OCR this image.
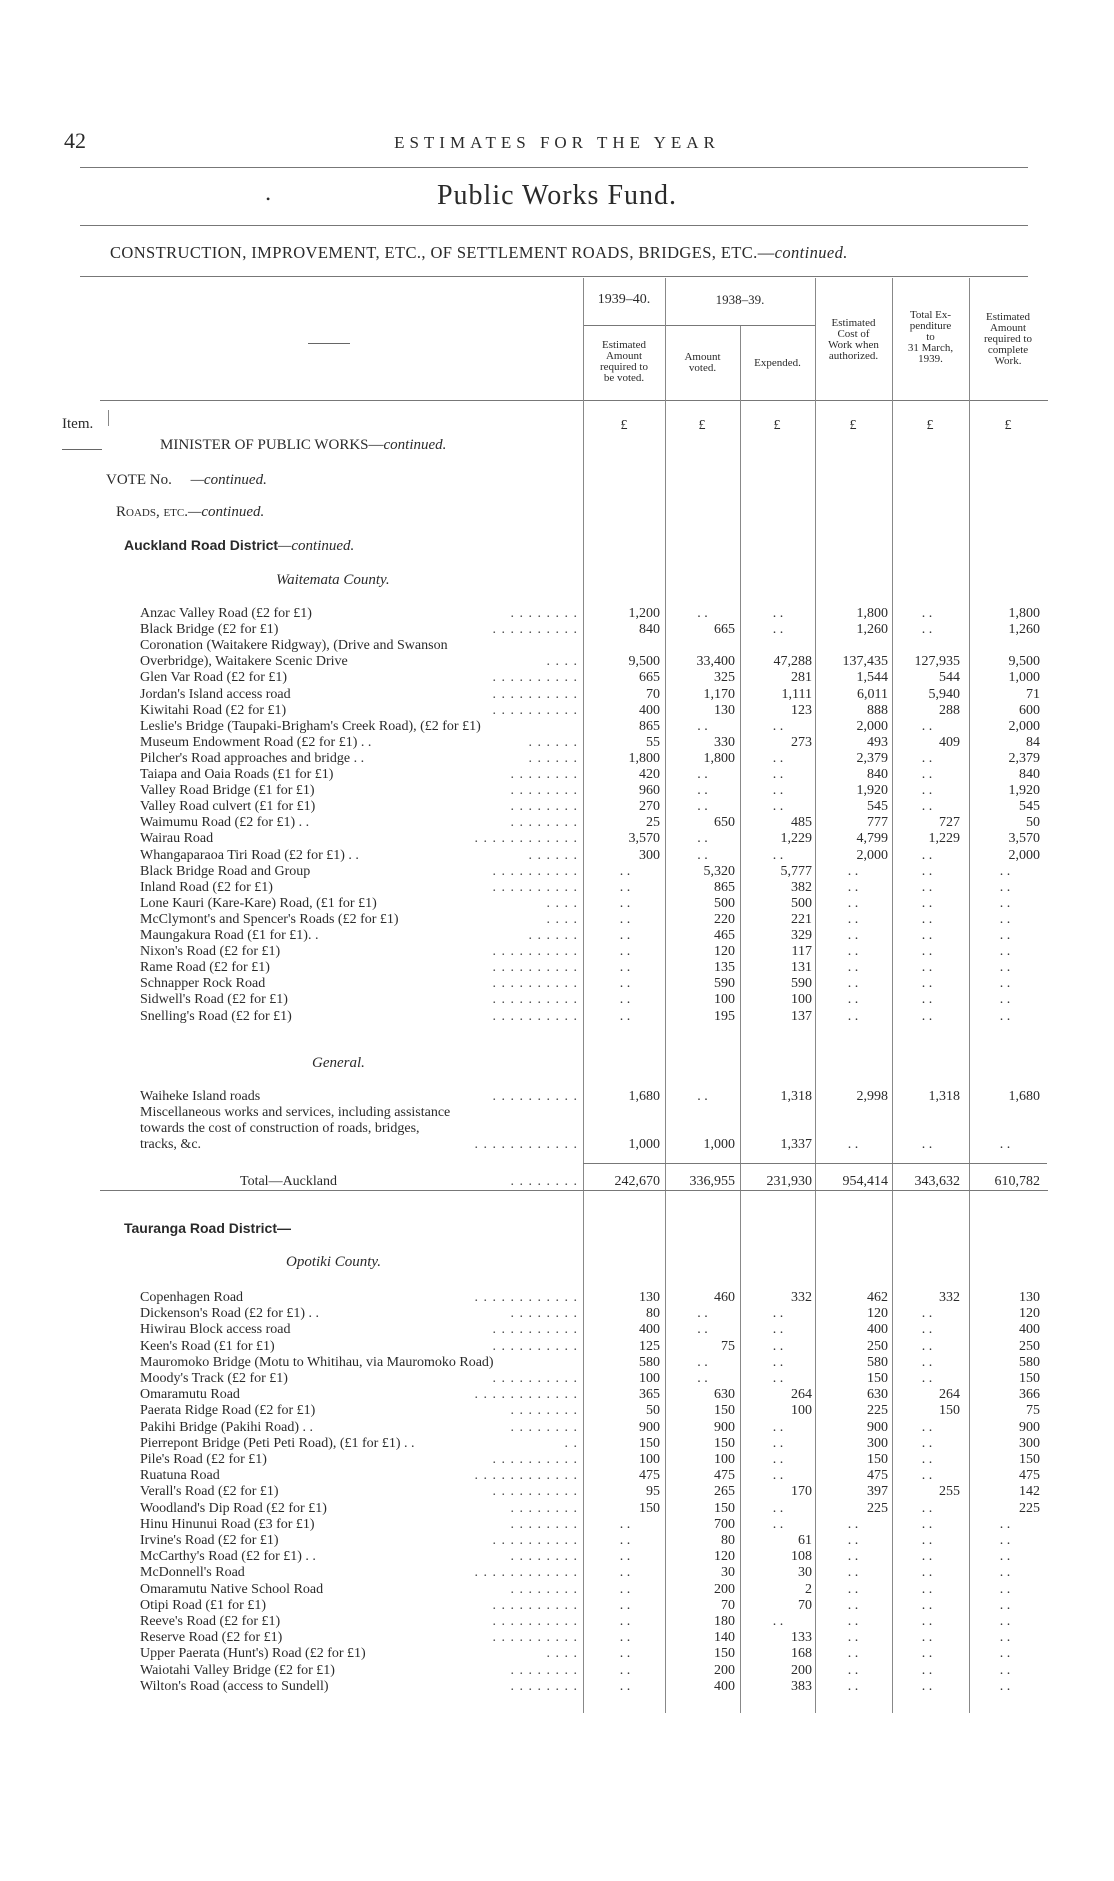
42	ESTIMATES FOR THE YEAR
•	Public Works Fund.
CONSTRUCTION, IMPROVEMENT, ETC., OF SETTLEMENT ROADS, BRIDGES, ETC.—continued.
1939–40.	1938–39.
Estimated
Amount
required to
be voted.
Amount
voted.	Expended.
Estimated
Cost of
Work when
authorized.
Total Ex-
penditure
to
31 March,
1939.
Estimated
Amount
required to
complete
Work.
Item.	£	£	£	£	£	£
MINISTER OF PUBLIC WORKS—continued.
VOTE No. —continued.
Roads, etc.—continued.
Auckland Road District—continued.
Waitemata County.
Anzac Valley Road (£2 for £1)	. . . . . . . .	1,200	. .	. .	1,800	. .	1,800
Black Bridge (£2 for £1)	. . . . . . . . . .	840	665	. .	1,260	. .	1,260
Coronation (Waitakere Ridgway), (Drive and Swanson
Overbridge), Waitakere Scenic Drive	. . . .	9,500	33,400	47,288	137,435	127,935	9,500
Glen Var Road (£2 for £1)	. . . . . . . . . .	665	325	281	1,544	544	1,000
Jordan's Island access road	. . . . . . . . . .	70	1,170	1,111	6,011	5,940	71
Kiwitahi Road (£2 for £1)	. . . . . . . . . .	400	130	123	888	288	600
Leslie's Bridge (Taupaki-Brigham's Creek Road), (£2 for £1)	865	. .	. .	2,000	. .	2,000
Museum Endowment Road (£2 for £1) . .	. . . . . .	55	330	273	493	409	84
Pilcher's Road approaches and bridge . .	. . . . . .	1,800	1,800	. .	2,379	. .	2,379
Taiapa and Oaia Roads (£1 for £1)	. . . . . . . .	420	. .	. .	840	. .	840
Valley Road Bridge (£1 for £1)	. . . . . . . .	960	. .	. .	1,920	. .	1,920
Valley Road culvert (£1 for £1)	. . . . . . . .	270	. .	. .	545	. .	545
Waimumu Road (£2 for £1) . .	. . . . . . . .	25	650	485	777	727	50
Wairau Road	. . . . . . . . . . . .	3,570	. .	1,229	4,799	1,229	3,570
Whangaparaoa Tiri Road (£2 for £1) . .	. . . . . .	300	. .	. .	2,000	. .	2,000
Black Bridge Road and Group	. . . . . . . . . .	. .	5,320	5,777	. .	. .	. .
Inland Road (£2 for £1)	. . . . . . . . . .	. .	865	382	. .	. .	. .
Lone Kauri (Kare-Kare) Road, (£1 for £1)	. . . .	. .	500	500	. .	. .	. .
McClymont's and Spencer's Roads (£2 for £1)	. . . .	. .	220	221	. .	. .	. .
Maungakura Road (£1 for £1). .	. . . . . .	. .	465	329	. .	. .	. .
Nixon's Road (£2 for £1)	. . . . . . . . . .	. .	120	117	. .	. .	. .
Rame Road (£2 for £1)	. . . . . . . . . .	. .	135	131	. .	. .	. .
Schnapper Rock Road	. . . . . . . . . .	. .	590	590	. .	. .	. .
Sidwell's Road (£2 for £1)	. . . . . . . . . .	. .	100	100	. .	. .	. .
Snelling's Road (£2 for £1)	. . . . . . . . . .	. .	195	137	. .	. .	. .
General.
Waiheke Island roads	. . . . . . . . . .	1,680	. .	1,318	2,998	1,318	1,680
Miscellaneous works and services, including assistance
towards the cost of construction of roads, bridges,
tracks, &c.	. . . . . . . . . . . .	1,000	1,000	1,337	. .	. .	. .
Total—Auckland	. . . . . . . .	242,670	336,955	231,930	954,414	343,632	610,782
Tauranga Road District—
Opotiki County.
Copenhagen Road	. . . . . . . . . . . .	130	460	332	462	332	130
Dickenson's Road (£2 for £1) . .	. . . . . . . .	80	. .	. .	120	. .	120
Hiwirau Block access road	. . . . . . . . . .	400	. .	. .	400	. .	400
Keen's Road (£1 for £1)	. . . . . . . . . .	125	75	. .	250	. .	250
Mauromoko Bridge (Motu to Whitihau, via Mauromoko Road)	580	. .	. .	580	. .	580
Moody's Track (£2 for £1)	. . . . . . . . . .	100	. .	. .	150	. .	150
Omaramutu Road	. . . . . . . . . . . .	365	630	264	630	264	366
Paerata Ridge Road (£2 for £1)	. . . . . . . .	50	150	100	225	150	75
Pakihi Bridge (Pakihi Road) . .	. . . . . . . .	900	900	. .	900	. .	900
Pierrepont Bridge (Peti Peti Road), (£1 for £1) . .	. .	150	150	. .	300	. .	300
Pile's Road (£2 for £1)	. . . . . . . . . .	100	100	. .	150	. .	150
Ruatuna Road	. . . . . . . . . . . .	475	475	. .	475	. .	475
Verall's Road (£2 for £1)	. . . . . . . . . .	95	265	170	397	255	142
Woodland's Dip Road (£2 for £1)	. . . . . . . .	150	150	. .	225	. .	225
Hinu Hinunui Road (£3 for £1)	. . . . . . . .	. .	700	. .	. .	. .	. .
Irvine's Road (£2 for £1)	. . . . . . . . . .	. .	80	61	. .	. .	. .
McCarthy's Road (£2 for £1) . .	. . . . . . . .	. .	120	108	. .	. .	. .
McDonnell's Road	. . . . . . . . . . . .	. .	30	30	. .	. .	. .
Omaramutu Native School Road	. . . . . . . .	. .	200	2	. .	. .	. .
Otipi Road (£1 for £1)	. . . . . . . . . .	. .	70	70	. .	. .	. .
Reeve's Road (£2 for £1)	. . . . . . . . . .	. .	180	. .	. .	. .	. .
Reserve Road (£2 for £1)	. . . . . . . . . .	. .	140	133	. .	. .	. .
Upper Paerata (Hunt's) Road (£2 for £1)	. . . .	. .	150	168	. .	. .	. .
Waiotahi Valley Bridge (£2 for £1)	. . . . . . . .	. .	200	200	. .	. .	. .
Wilton's Road (access to Sundell)	. . . . . . . .	. .	400	383	. .	. .	. .
